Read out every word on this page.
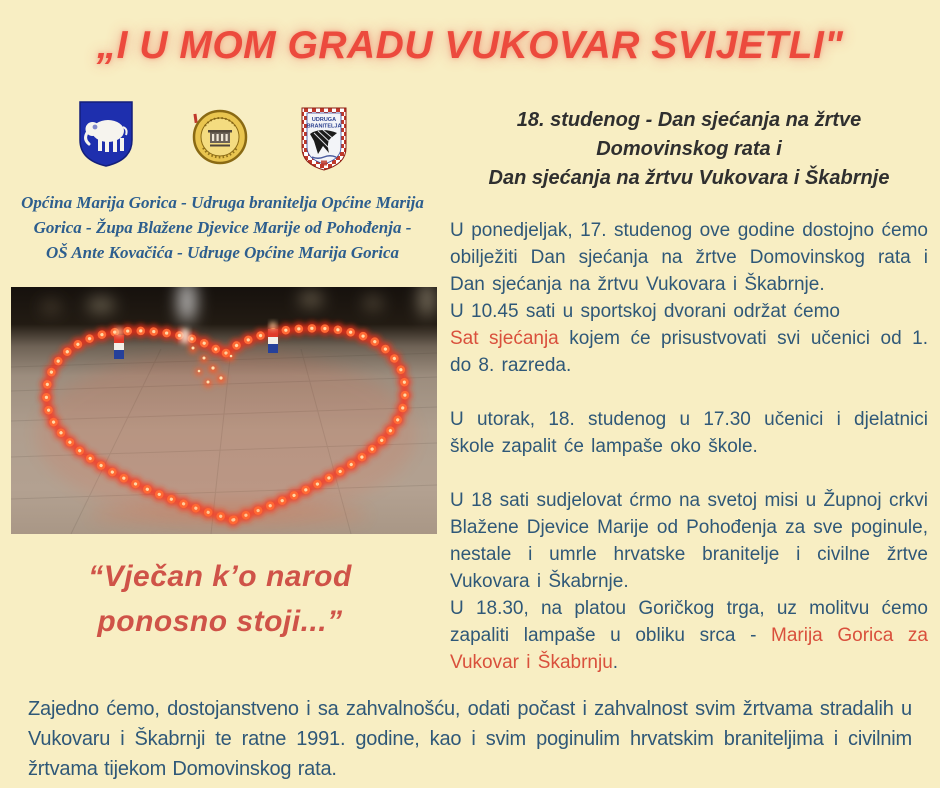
„I U MOM GRADU VUKOVAR SVIJETLI"
UDRUGA
BRANITELJA
Općina Marija Gorica - Udruga branitelja Općine Marija
Gorica - Župa Blažene Djevice Marije od Pohođenja -
OŠ Ante Kovačića - Udruge Općine Marija Gorica
“Vječan k’o narod
ponosno stoji...”
18. studenog - Dan sjećanja na žrtve
Domovinskog rata i
Dan sjećanja na žrtvu Vukovara i Škabrnje

U ponedjeljak, 17. studenog ove godine dostojno ćemo obilježiti Dan sjećanja na žrtve Domovinskog rata i Dan sjećanja na žrtvu Vukovara i Škabrnje.
U 10.45 sati u sportskoj dvorani održat ćemo
Sat sjećanja kojem će prisustvovati svi učenici od 1. do 8. razreda.

U utorak, 18. studenog u 17.30 učenici i djelatnici škole zapalit će lampaše oko škole.

U 18 sati sudjelovat ćrmo na svetoj misi u Župnoj crkvi Blažene Djevice Marije od Pohođenja za sve poginule, nestale i umrle hrvatske branitelje i civilne žrtve Vukovara i Škabrnje.
U 18.30, na platou Goričkog trga, uz molitvu ćemo zapaliti lampaše u obliku srca - Marija Gorica za Vukovar i Škabrnju.

Zajedno ćemo, dostojanstveno i sa zahvalnošću, odati počast i zahvalnost svim žrtvama stradalih u Vukovaru i Škabrnji te ratne 1991. godine, kao i svim poginulim hrvatskim braniteljima i civilnim žrtvama tijekom Domovinskog rata.
